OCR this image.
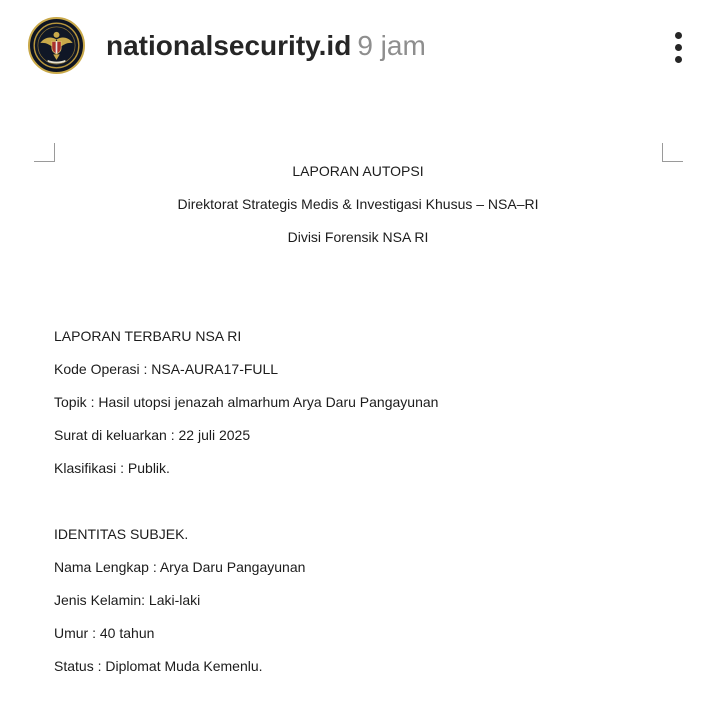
nationalsecurity.id 9 jam
LAPORAN AUTOPSI
Direktorat Strategis Medis & Investigasi Khusus – NSA–RI
Divisi Forensik NSA RI
LAPORAN TERBARU NSA RI
Kode Operasi : NSA-AURA17-FULL
Topik : Hasil utopsi jenazah almarhum Arya Daru Pangayunan
Surat di keluarkan : 22 juli 2025
Klasifikasi : Publik.
IDENTITAS SUBJEK.
Nama Lengkap : Arya Daru Pangayunan
Jenis Kelamin: Laki-laki
Umur : 40 tahun
Status : Diplomat Muda Kemenlu.
